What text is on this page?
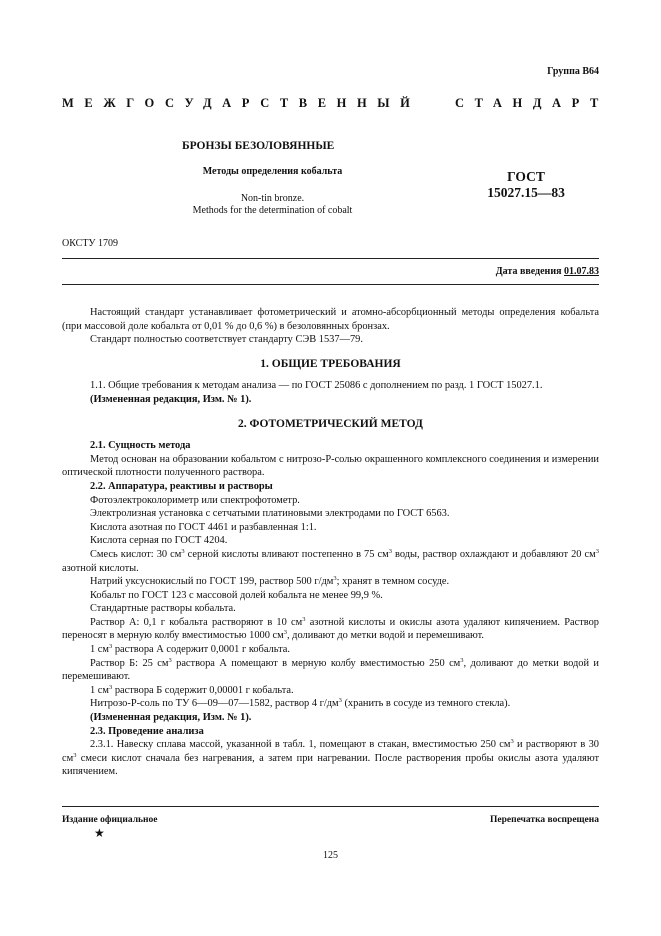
Группа В64
МЕЖГОСУДАРСТВЕННЫЙ	СТАНДАРТ
БРОНЗЫ БЕЗОЛОВЯННЫЕ
Методы определения кобальта
Non-tin bronze.
Methods for the determination of cobalt
ГОСТ
15027.15—83
ОКСТУ 1709
Дата введения 01.07.83

Настоящий стандарт устанавливает фотометрический и атомно-абсорбционный методы определения кобальта (при массовой доле кобальта от 0,01 % до 0,6 %) в безоловянных бронзах.

Стандарт полностью соответствует стандарту СЭВ 1537—79.

1. ОБЩИЕ ТРЕБОВАНИЯ

1.1. Общие требования к методам анализа — по ГОСТ 25086 с дополнением по разд. 1 ГОСТ 15027.1.

(Измененная редакция, Изм. № 1).

2. ФОТОМЕТРИЧЕСКИЙ МЕТОД

2.1. Сущность метода

Метод основан на образовании кобальтом с нитрозо-Р-солью окрашенного комплексного соединения и измерении оптической плотности полученного раствора.

2.2. Аппаратура, реактивы и растворы

Фотоэлектроколориметр или спектрофотометр.

Электролизная установка с сетчатыми платиновыми электродами по ГОСТ 6563.

Кислота азотная по ГОСТ 4461 и разбавленная 1:1.

Кислота серная по ГОСТ 4204.

Смесь кислот: 30 $см^3$ серной кислоты вливают постепенно в 75 $см^3$ воды, раствор охлаждают и добавляют 20 $см^3$ азотной кислоты.

Натрий уксуснокислый по ГОСТ 199, раствор 500 $г/дм^3$; хранят в темном сосуде.

Кобальт по ГОСТ 123 с массовой долей кобальта не менее 99,9 %.

Стандартные растворы кобальта.

Раствор А: 0,1 г кобальта растворяют в 10 $см^3$ азотной кислоты и окислы азота удаляют кипячением. Раствор переносят в мерную колбу вместимостью 1000 $см^3$, доливают до метки водой и перемешивают.

1 $см^3$ раствора А содержит 0,0001 г кобальта.

Раствор Б: 25 $см^3$ раствора А помещают в мерную колбу вместимостью 250 $см^3$, доливают до метки водой и перемешивают.

1 $см^3$ раствора Б содержит 0,00001 г кобальта.

Нитрозо-Р-соль по ТУ 6—09—07—1582, раствор 4 $г/дм^3$ (хранить в сосуде из темного стекла).

(Измененная редакция, Изм. № 1).

2.3. Проведение анализа

2.3.1. Навеску сплава массой, указанной в табл. 1, помещают в стакан, вместимостью 250 $см^3$ и растворяют в 30 $см^3$ смеси кислот сначала без нагревания, а затем при нагревании. После растворения пробы окислы азота удаляют кипячением.

Издание официальное	Перепечатка воспрещена
★
125
